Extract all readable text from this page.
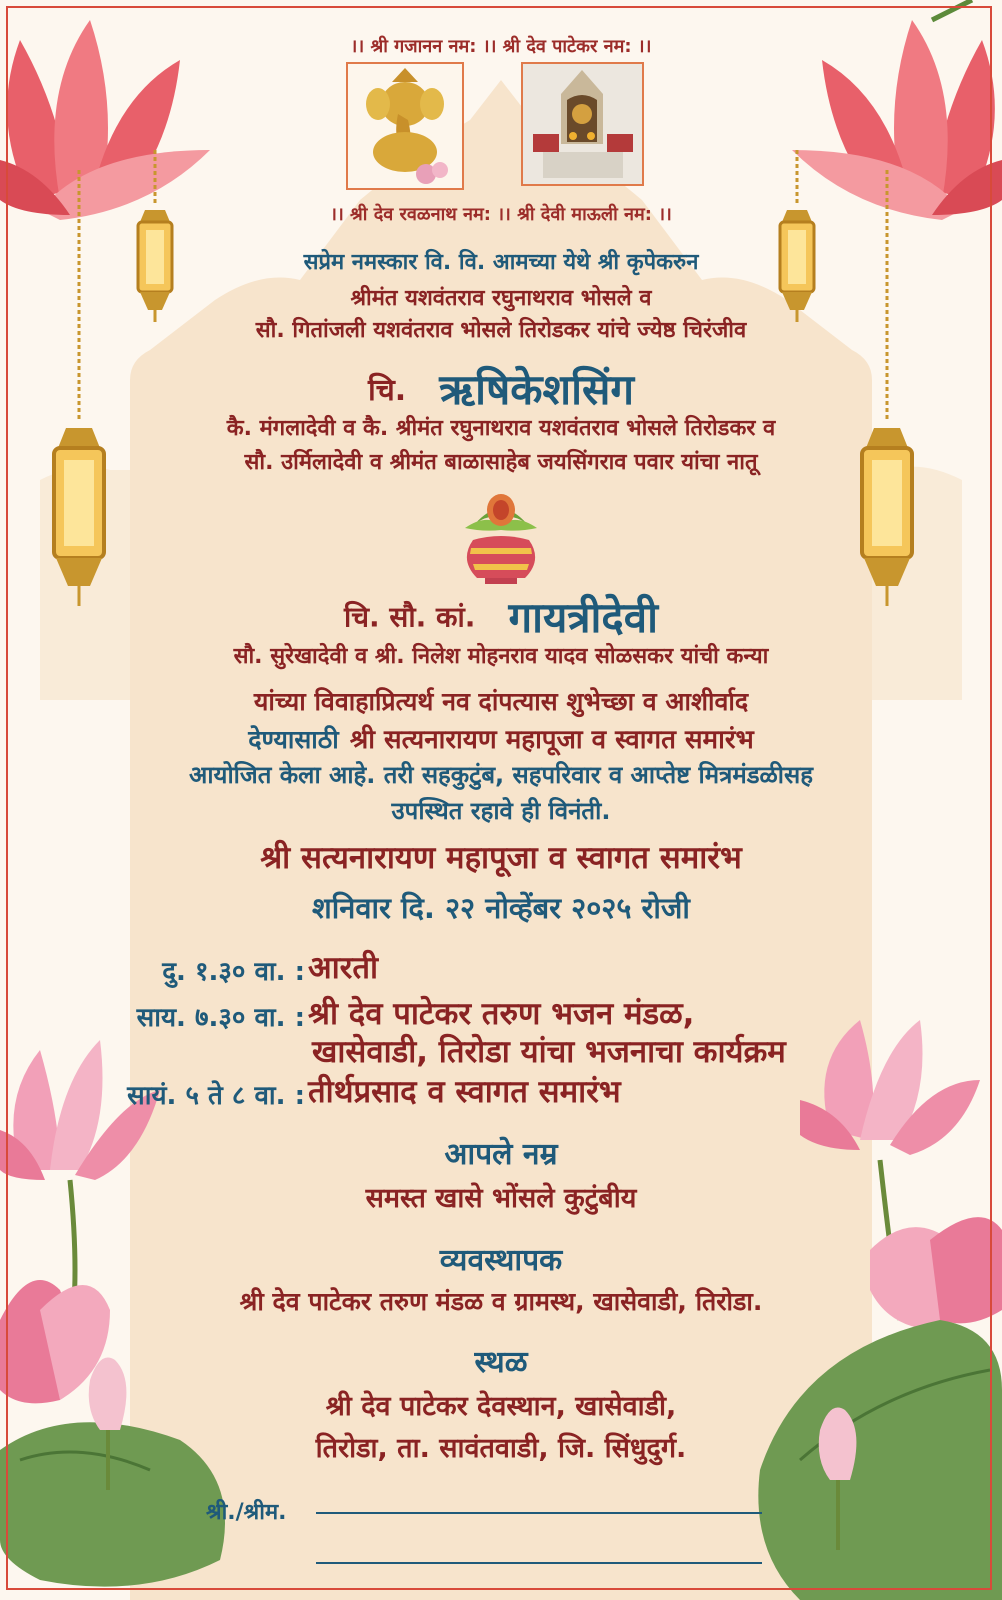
।। श्री गजानन नम: ।। श्री देव पाटेकर नम: ।।
।। श्री देव रवळनाथ नम: ।। श्री देवी माऊली नम: ।।
सप्रेम नमस्कार वि. वि. आमच्या येथे श्री कृपेकरुन
श्रीमंत यशवंतराव रघुनाथराव भोसले व
सौ. गितांजली यशवंतराव भोसले तिरोडकर यांचे ज्येष्ठ चिरंजीव
चि. ऋषिकेशसिंग
कै. मंगलादेवी व कै. श्रीमंत रघुनाथराव यशवंतराव भोसले तिरोडकर व
सौ. उर्मिलादेवी व श्रीमंत बाळासाहेब जयसिंगराव पवार यांचा नातू
चि. सौ. कां. गायत्रीदेवी
सौ. सुरेखादेवी व श्री. निलेश मोहनराव यादव सोळसकर यांची कन्या
यांच्या विवाहाप्रित्यर्थ नव दांपत्यास शुभेच्छा व आशीर्वाद
देण्यासाठी श्री सत्यनारायण महापूजा व स्वागत समारंभ
आयोजित केला आहे. तरी सहकुटुंब, सहपरिवार व आप्तेष्ट मित्रमंडळीसह
उपस्थित रहावे ही विनंती.
श्री सत्यनारायण महापूजा व स्वागत समारंभ
शनिवार दि. २२ नोव्हेंबर २०२५ रोजी
दु. १.३० वा. : आरती
साय. ७.३० वा. : श्री देव पाटेकर तरुण भजन मंडळ,
खासेवाडी, तिरोडा यांचा भजनाचा कार्यक्रम
सायं. ५ ते ८ वा. : तीर्थप्रसाद व स्वागत समारंभ
आपले नम्र
समस्त खासे भोंसले कुटुंबीय
व्यवस्थापक
श्री देव पाटेकर तरुण मंडळ व ग्रामस्थ, खासेवाडी, तिरोडा.
स्थळ
श्री देव पाटेकर देवस्थान, खासेवाडी,
तिरोडा, ता. सावंतवाडी, जि. सिंधुदुर्ग.
श्री./श्रीम.
